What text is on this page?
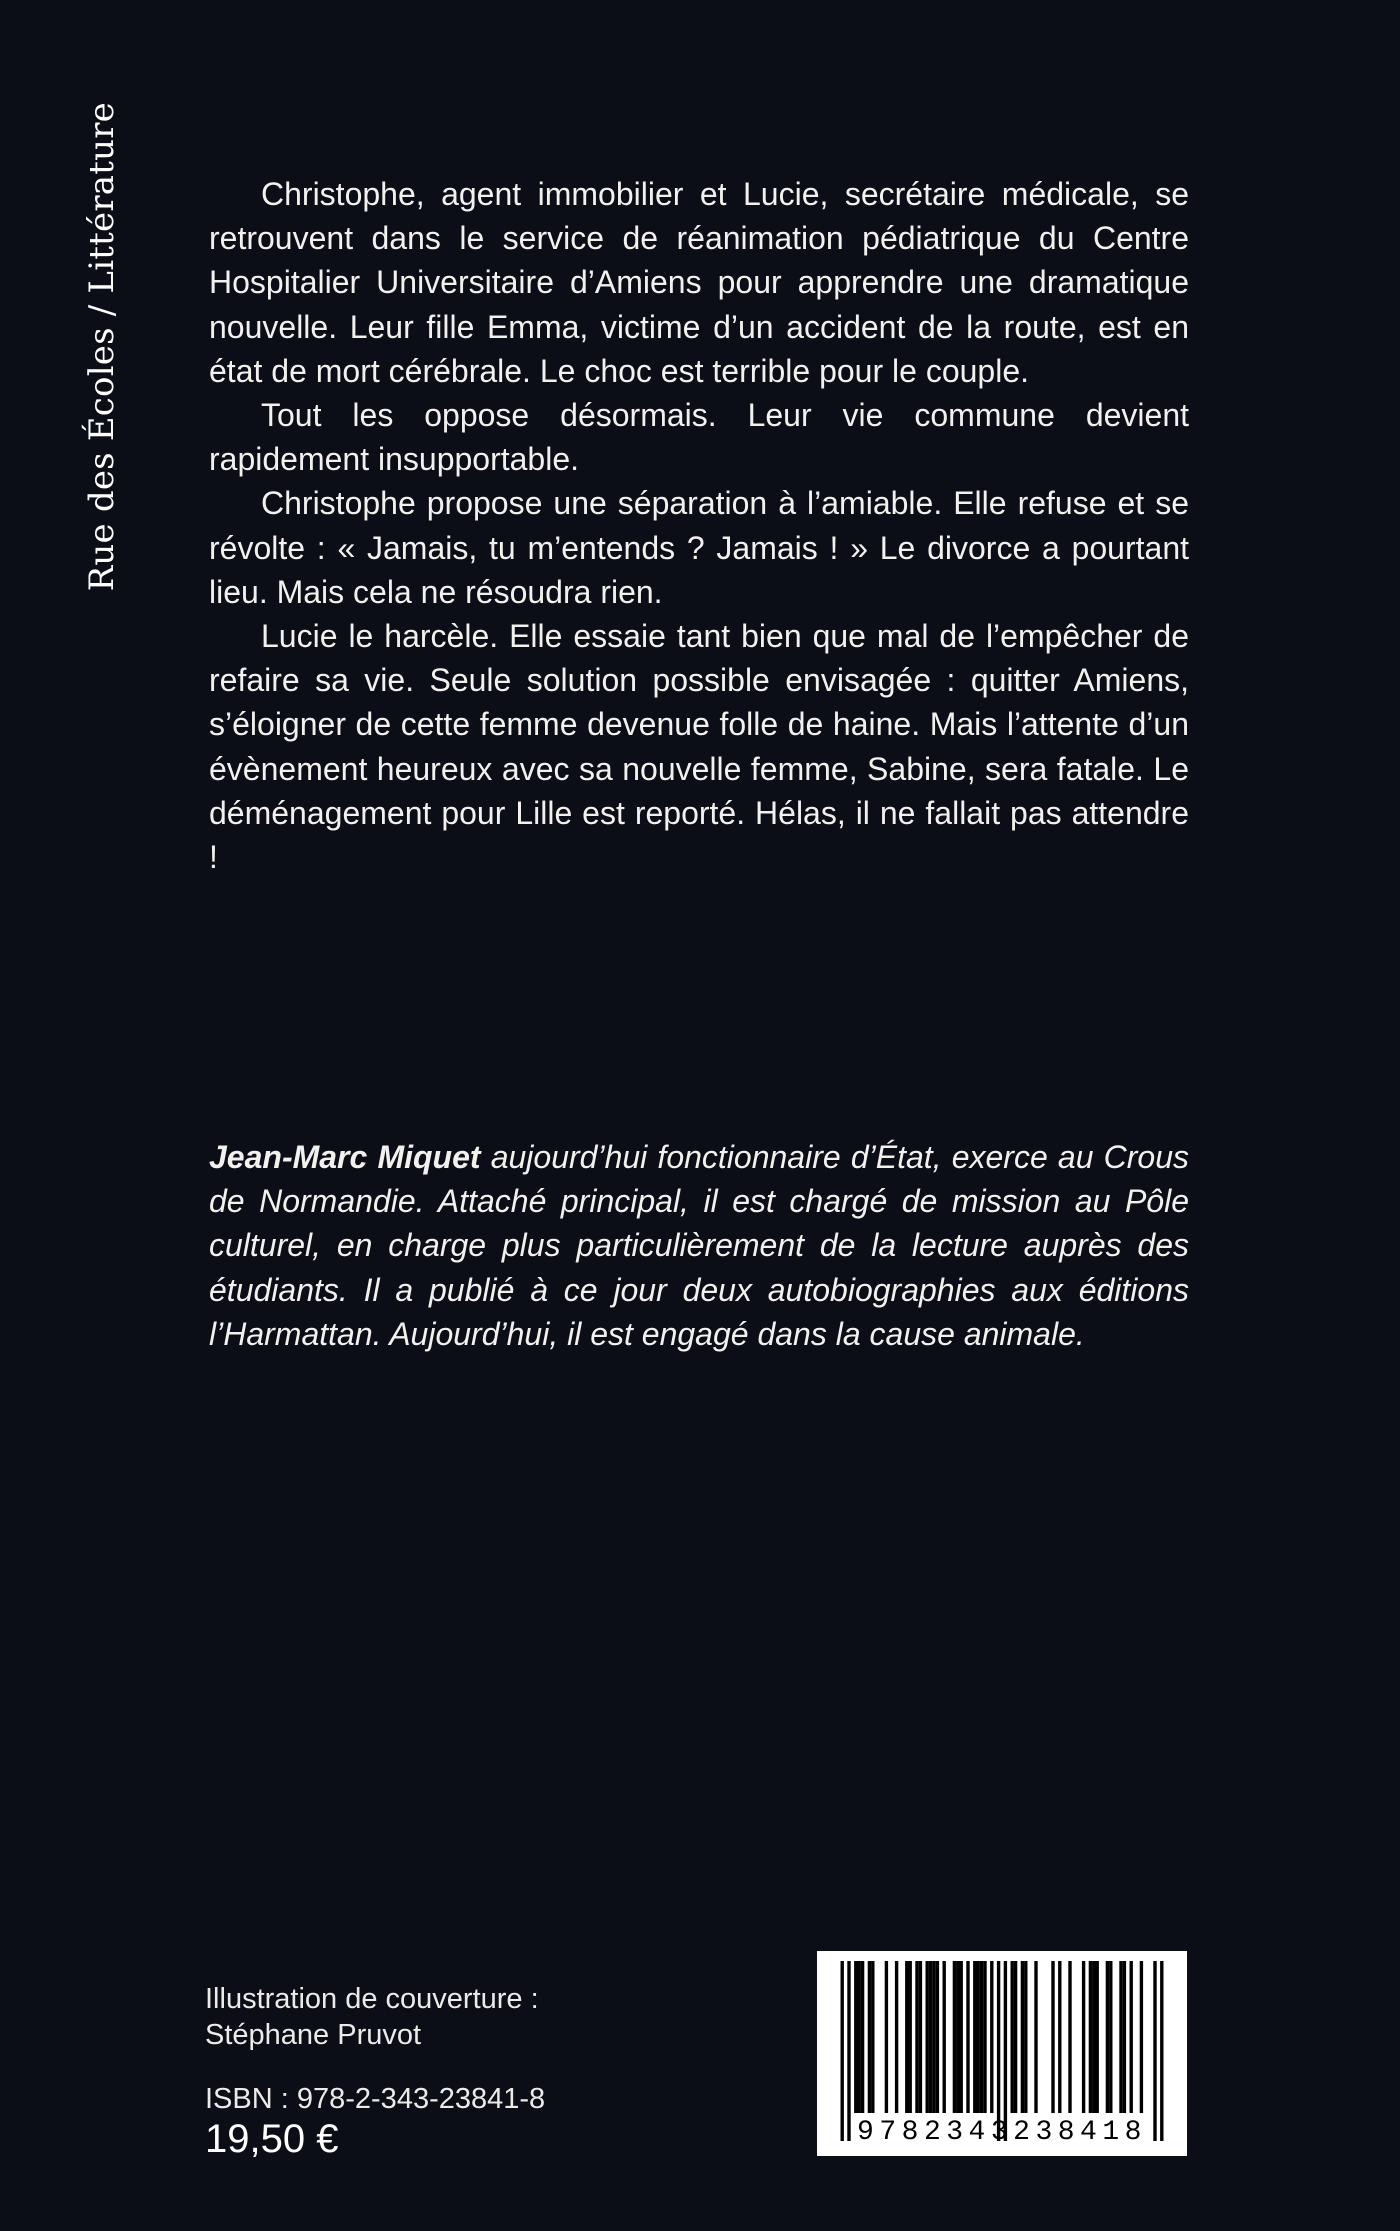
Rue des Écoles / Littérature	Christophe, agent immobilier et Lucie, secrétaire médicale, se retrouvent dans le service de réanimation pédiatrique du Centre Hospitalier Universitaire d’Amiens pour apprendre une dramatique nouvelle. Leur fille Emma, victime d’un accident de la route, est en état de mort cérébrale. Le choc est terrible pour le couple.

Tout les oppose désormais. Leur vie commune devient rapidement insupportable.

Christophe propose une séparation à l’amiable. Elle refuse et se révolte : « Jamais, tu m’entends ? Jamais ! » Le divorce a pourtant lieu. Mais cela ne résoudra rien.

Lucie le harcèle. Elle essaie tant bien que mal de l’empêcher de refaire sa vie. Seule solution possible envisagée : quitter Amiens, s’éloigner de cette femme devenue folle de haine. Mais l’attente d’un évènement heureux avec sa nouvelle femme, Sabine, sera fatale. Le déménagement pour Lille est reporté. Hélas, il ne fallait pas attendre !

Jean-Marc Miquet aujourd’hui fonctionnaire d’État, exerce au Crous de Normandie. Attaché principal, il est chargé de mission au Pôle culturel, en charge plus particulièrement de la lecture auprès des étudiants. Il a publié à ce jour deux autobiographies aux éditions l’Harmattan. Aujourd’hui, il est engagé dans la cause animale.

Illustration de couverture :
Stéphane Pruvot
ISBN : 978-2-343-23841-8
19,50 €	9782343238418
